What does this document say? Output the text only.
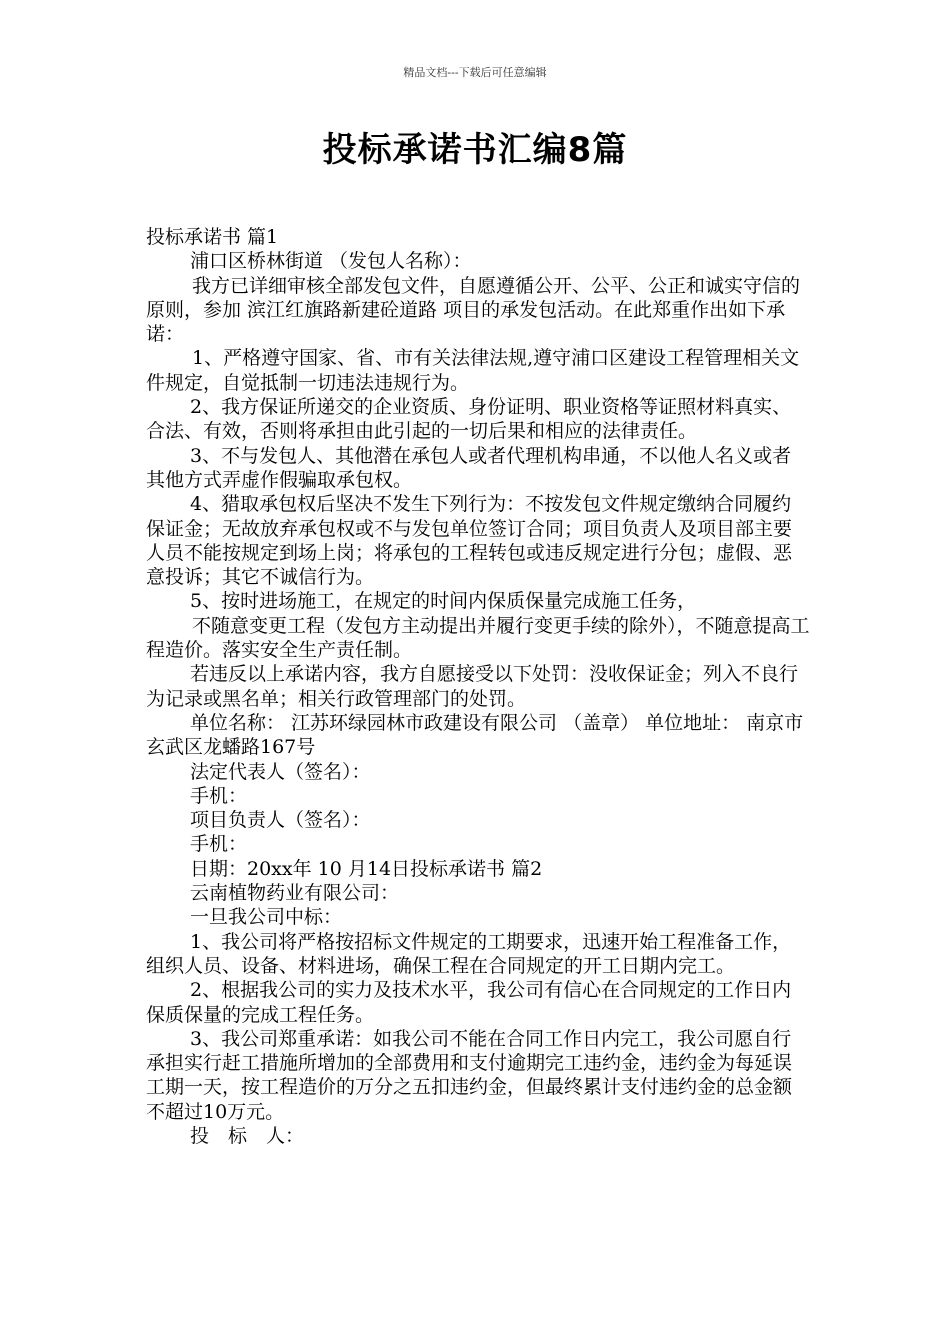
精品文档---下载后可任意编辑
投标承诺书汇编8篇

投标承诺书 篇1

浦口区桥林街道 （发包人名称）：

我方已详细审核全部发包文件，自愿遵循公开、公平、公正和诚实守信的原则，参加 滨江红旗路新建砼道路 项目的承发包活动。在此郑重作出如下承诺：

1、严格遵守国家、省、市有关法律法规,遵守浦口区建设工程管理相关文件规定，自觉抵制一切违法违规行为。

2、我方保证所递交的企业资质、身份证明、职业资格等证照材料真实、合法、有效，否则将承担由此引起的一切后果和相应的法律责任。

3、不与发包人、其他潜在承包人或者代理机构串通，不以他人名义或者其他方式弄虚作假骗取承包权。

4、猎取承包权后坚决不发生下列行为：不按发包文件规定缴纳合同履约保证金；无故放弃承包权或不与发包单位签订合同；项目负责人及项目部主要人员不能按规定到场上岗；将承包的工程转包或违反规定进行分包；虚假、恶意投诉；其它不诚信行为。

5、按时进场施工，在规定的时间内保质保量完成施工任务，

不随意变更工程（发包方主动提出并履行变更手续的除外），不随意提高工程造价。落实安全生产责任制。

若违反以上承诺内容，我方自愿接受以下处罚：没收保证金；列入不良行为记录或黑名单；相关行政管理部门的处罚。

单位名称： 江苏环绿园林市政建设有限公司 （盖章） 单位地址： 南京市玄武区龙蟠路167号

法定代表人（签名）：

手机：

项目负责人（签名）：

手机：

日期：20xx年 10 月14日投标承诺书 篇2

云南植物药业有限公司：

一旦我公司中标：

1、我公司将严格按招标文件规定的工期要求，迅速开始工程准备工作，组织人员、设备、材料进场，确保工程在合同规定的开工日期内完工。

2、根据我公司的实力及技术水平，我公司有信心在合同规定的工作日内保质保量的完成工程任务。

3、我公司郑重承诺：如我公司不能在合同工作日内完工，我公司愿自行承担实行赶工措施所增加的全部费用和支付逾期完工违约金，违约金为每延误工期一天，按工程造价的万分之五扣违约金，但最终累计支付违约金的总金额不超过10万元。

投　标　人：
